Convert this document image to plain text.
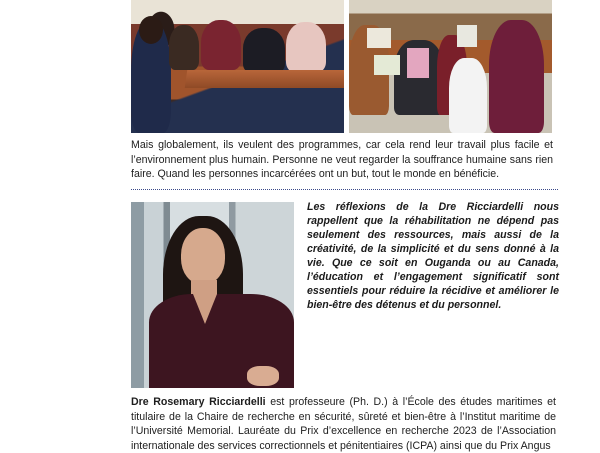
Mais globalement, ils veulent des programmes, car cela rend leur travail plus facile et l’environnement plus humain. Personne ne veut regarder la souffrance humaine sans rien faire. Quand les personnes incarcérées ont un but, tout le monde en bénéficie.

Les réflexions de la Dre Ricciardelli nous rappellent que la réhabilitation ne dépend pas seulement des ressources, mais aussi de la créativité, de la simplicité et du sens donné à la vie. Que ce soit en Ouganda ou au Canada, l’éducation et l’engagement significatif sont essentiels pour réduire la récidive et améliorer le bien-être des détenus et du personnel.

Dre Rosemary Ricciardelli est professeure (Ph. D.) à l’École des études maritimes et titulaire de la Chaire de recherche en sécurité, sûreté et bien-être à l’Institut maritime de l’Université Memorial. Lauréate du Prix d’excellence en recherche 2023 de l’Association internationale des services correctionnels et pénitentiaires (ICPA) ainsi que du Prix Angus
